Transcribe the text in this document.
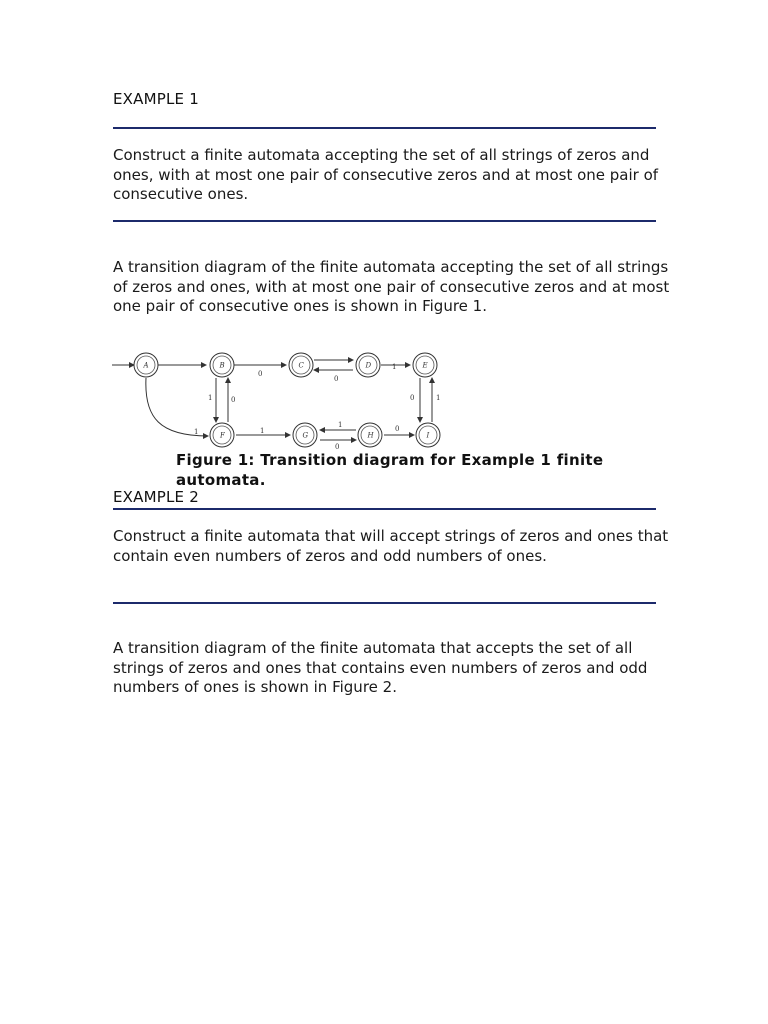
EXAMPLE 1
Construct a finite automata accepting the set of all strings of zeros and ones, with at most one pair of consecutive zeros and at most one pair of consecutive ones.
A transition diagram of the finite automata accepting the set of all strings of zeros and ones, with at most one pair of consecutive zeros and at most one pair of consecutive ones is shown in Figure 1.
A	B	C	D	E
F	G	H	I
0
0
1
1	0	0	1
1	1
1
0
0
Figure 1: Transition diagram for Example 1 finite automata.
EXAMPLE 2
Construct a finite automata that will accept strings of zeros and ones that contain even numbers of zeros and odd numbers of ones.
A transition diagram of the finite automata that accepts the set of all strings of zeros and ones that contains even numbers of zeros and odd numbers of ones is shown in Figure 2.
